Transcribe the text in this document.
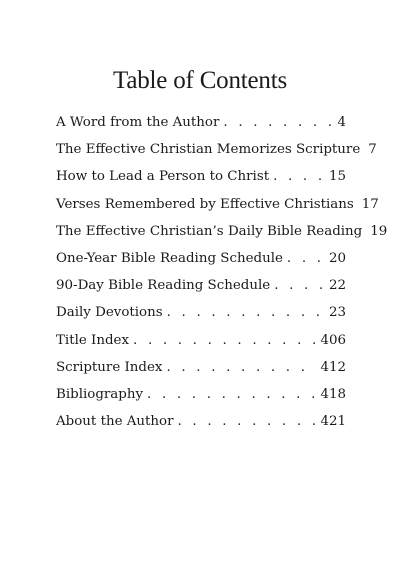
Table of Contents
A Word from the Author . . .	4
The Effective Christian Memorizes Scripture 7
How to Lead a Person to Christ . . .	15
Verses Remembered by Effective Christians 17
The Effective Christian’s Daily Bible Reading 19
One-Year Bible Reading Schedule . . .	20
90-Day Bible Reading Schedule . . .	22
Daily Devotions . . .	23
Title Index . . .	406
Scripture Index . . .	412
Bibliography . . .	418
About the Author . . .	421
